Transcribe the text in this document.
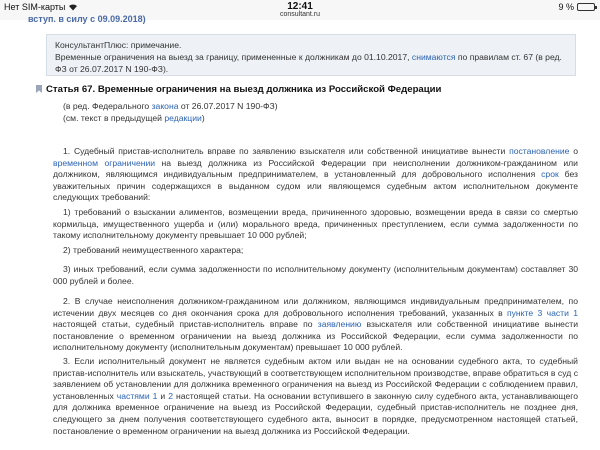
Нет SIM-карты	12:41
consultant.ru
9 %
вступ. в силу с 09.09.2018)
КонсультантПлюс: примечание.
Временные ограничения на выезд за границу, примененные к должникам до 01.10.2017, снимаются по правилам ст. 67 (в ред. ФЗ от 26.07.2017 N 190-ФЗ).
Статья 67. Временные ограничения на выезд должника из Российской Федерации
(в ред. Федерального закона от 26.07.2017 N 190-ФЗ)
(см. текст в предыдущей редакции)
1. Судебный пристав-исполнитель вправе по заявлению взыскателя или собственной инициативе вынести постановление о временном ограничении на выезд должника из Российской Федерации при неисполнении должником-гражданином или должником, являющимся индивидуальным предпринимателем, в установленный для добровольного исполнения срок без уважительных причин содержащихся в выданном судом или являющемся судебным актом исполнительном документе следующих требований:
1) требований о взыскании алиментов, возмещении вреда, причиненного здоровью, возмещении вреда в связи со смертью кормильца, имущественного ущерба и (или) морального вреда, причиненных преступлением, если сумма задолженности по такому исполнительному документу превышает 10 000 рублей;
2) требований неимущественного характера;
3) иных требований, если сумма задолженности по исполнительному документу (исполнительным документам) составляет 30 000 рублей и более.
2. В случае неисполнения должником-гражданином или должником, являющимся индивидуальным предпринимателем, по истечении двух месяцев со дня окончания срока для добровольного исполнения требований, указанных в пункте 3 части 1 настоящей статьи, судебный пристав-исполнитель вправе по заявлению взыскателя или собственной инициативе вынести постановление о временном ограничении на выезд должника из Российской Федерации, если сумма задолженности по исполнительному документу (исполнительным документам) превышает 10 000 рублей.
3. Если исполнительный документ не является судебным актом или выдан не на основании судебного акта, то судебный пристав-исполнитель или взыскатель, участвующий в соответствующем исполнительном производстве, вправе обратиться в суд с заявлением об установлении для должника временного ограничения на выезд из Российской Федерации с соблюдением правил, установленных частями 1 и 2 настоящей статьи. На основании вступившего в законную силу судебного акта, устанавливающего для должника временное ограничение на выезд из Российской Федерации, судебный пристав-исполнитель не позднее дня, следующего за днем получения соответствующего судебного акта, выносит в порядке, предусмотренном настоящей статьей, постановление о временном ограничении на выезд должника из Российской Федерации.
